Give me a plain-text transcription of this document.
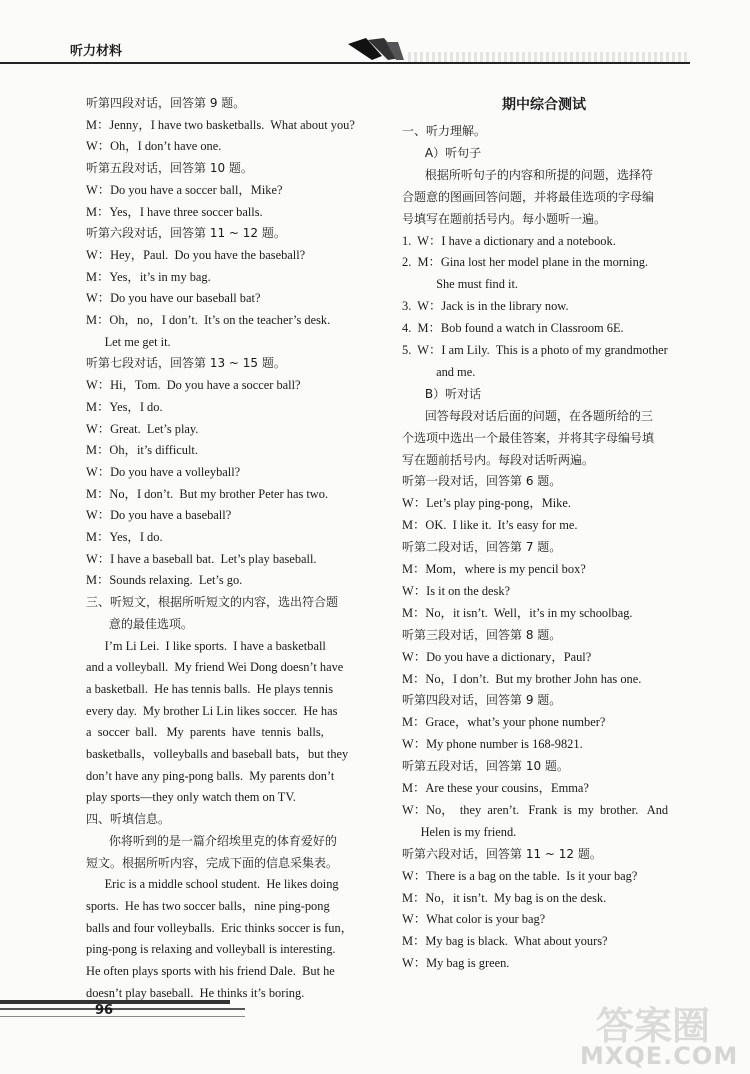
听力材料
听第四段对话，回答第 9 题。
M：Jenny，I have two basketballs.  What about you?
W：Oh，I don’t have one.
听第五段对话，回答第 10 题。
W：Do you have a soccer ball，Mike?
M：Yes，I have three soccer balls.
听第六段对话，回答第 11 ~ 12 题。
W：Hey，Paul.  Do you have the baseball?
M：Yes，it’s in my bag.
W：Do you have our baseball bat?
M：Oh，no，I don’t.  It’s on the teacher’s desk.
Let me get it.
听第七段对话，回答第 13 ~ 15 题。
W：Hi，Tom.  Do you have a soccer ball?
M：Yes，I do.
W：Great.  Let’s play.
M：Oh，it’s difficult.
W：Do you have a volleyball?
M：No，I don’t.  But my brother Peter has two.
W：Do you have a baseball?
M：Yes，I do.
W：I have a baseball bat.  Let’s play baseball.
M：Sounds relaxing.  Let’s go.
三、听短文，根据所听短文的内容，选出符合题
意的最佳选项。
I’m Li Lei.  I like sports.  I have a basketball
and a volleyball.  My friend Wei Dong doesn’t have
a basketball.  He has tennis balls.  He plays tennis
every day.  My brother Li Lin likes soccer.  He has
a  soccer  ball.   My  parents  have  tennis  balls,
basketballs，volleyballs and baseball bats，but they
don’t have any ping-pong balls.  My parents don’t
play sports—they only watch them on TV.
四、听填信息。
你将听到的是一篇介绍埃里克的体育爱好的
短文。根据所听内容，完成下面的信息采集表。
Eric is a middle school student.  He likes doing
sports.  He has two soccer balls，nine ping-pong
balls and four volleyballs.  Eric thinks soccer is fun，
ping-pong is relaxing and volleyball is interesting.
He often plays sports with his friend Dale.  But he
doesn’t play baseball.  He thinks it’s boring.
期中综合测试
一、听力理解。
A）听句子
根据所听句子的内容和所提的问题，选择符
合题意的图画回答问题，并将最佳选项的字母编
号填写在题前括号内。每小题听一遍。
1.  W：I have a dictionary and a notebook.
2.  M：Gina lost her model plane in the morning.
She must find it.
3.  W：Jack is in the library now.
4.  M：Bob found a watch in Classroom 6E.
5.  W：I am Lily.  This is a photo of my grandmother
and me.
B）听对话
回答每段对话后面的问题，在各题所给的三
个选项中选出一个最佳答案，并将其字母编号填
写在题前括号内。每段对话听两遍。
听第一段对话，回答第 6 题。
W：Let’s play ping-pong，Mike.
M：OK.  I like it.  It’s easy for me.
听第二段对话，回答第 7 题。
M：Mom，where is my pencil box?
W：Is it on the desk?
M：No，it isn’t.  Well，it’s in my schoolbag.
听第三段对话，回答第 8 题。
W：Do you have a dictionary，Paul?
M：No，I don’t.  But my brother John has one.
听第四段对话，回答第 9 题。
M：Grace，what’s your phone number?
W：My phone number is 168-9821.
听第五段对话，回答第 10 题。
M：Are these your cousins，Emma?
W：No，  they  aren’t.   Frank  is  my  brother.   And
Helen is my friend.
听第六段对话，回答第 11 ~ 12 题。
W：There is a bag on the table.  Is it your bag?
M：No，it isn’t.  My bag is on the desk.
W：What color is your bag?
M：My bag is black.  What about yours?
W：My bag is green.
96	答案圈
MXQE.COM
